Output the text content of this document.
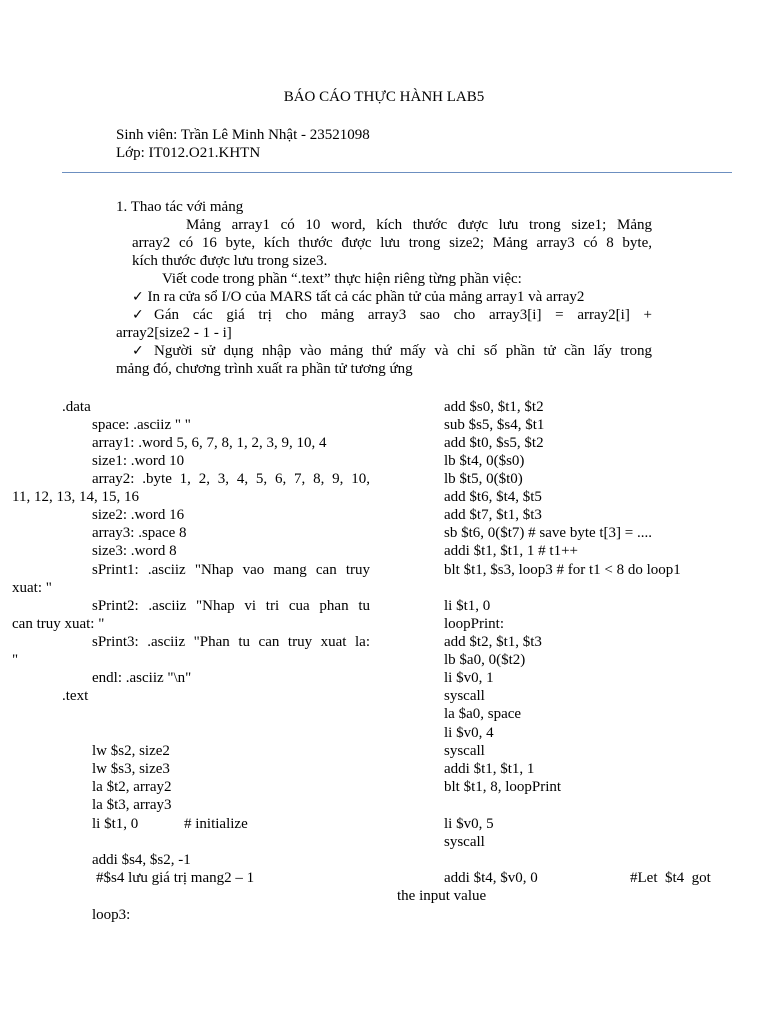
BÁO CÁO THỰC HÀNH LAB5
Sinh viên: Trần Lê Minh Nhật - 23521098
Lớp: IT012.O21.KHTN
1. Thao tác với mảng
Mảng array1 có 10 word, kích thước được lưu trong size1; Mảng
array2 có 16 byte, kích thước được lưu trong size2; Mảng array3 có 8 byte,
kích thước được lưu trong size3.
Viết code trong phần “.text” thực hiện riêng từng phần việc:
✓ In ra cửa sổ I/O của MARS tất cả các phần tử của mảng array1 và array2
✓ Gán các giá trị cho mảng array3 sao cho array3[i] = array2[i] +
array2[size2 - 1 - i]
✓ Người sử dụng nhập vào mảng thứ mấy và chỉ số phần tử cần lấy trong
mảng đó, chương trình xuất ra phần tử tương ứng
.data
space: .asciiz " "
array1: .word 5, 6, 7, 8, 1, 2, 3, 9, 10, 4
size1: .word 10
array2: .byte 1, 2, 3, 4, 5, 6, 7, 8, 9, 10,
11, 12, 13, 14, 15, 16
size2: .word 16
array3: .space 8
size3: .word 8
sPrint1: .asciiz "Nhap vao mang can truy
xuat: "
sPrint2: .asciiz "Nhap vi tri cua phan tu
can truy xuat: "
sPrint3: .asciiz "Phan tu can truy xuat la:
"
endl: .asciiz "\n"
.text
lw $s2, size2
lw $s3, size3
la $t2, array2
la $t3, array3
li $t1, 0	# initialize
addi $s4, $s2, -1
#$s4 lưu giá trị mang2 – 1
loop3:
add $s0, $t1, $t2
sub $s5, $s4, $t1
add $t0, $s5, $t2
lb $t4, 0($s0)
lb $t5, 0($t0)
add $t6, $t4, $t5
add $t7, $t1, $t3
sb $t6, 0($t7) # save byte t[3] = ....
addi $t1, $t1, 1 # t1++
blt $t1, $s3, loop3 # for t1 < 8 do loop1
li $t1, 0
loopPrint:
add $t2, $t1, $t3
lb $a0, 0($t2)
li $v0, 1
syscall
la $a0, space
li $v0, 4
syscall
addi $t1, $t1, 1
blt $t1, 8, loopPrint
li $v0, 5
syscall
addi $t4, $v0, 0	#Let  $t4  got
the input value
